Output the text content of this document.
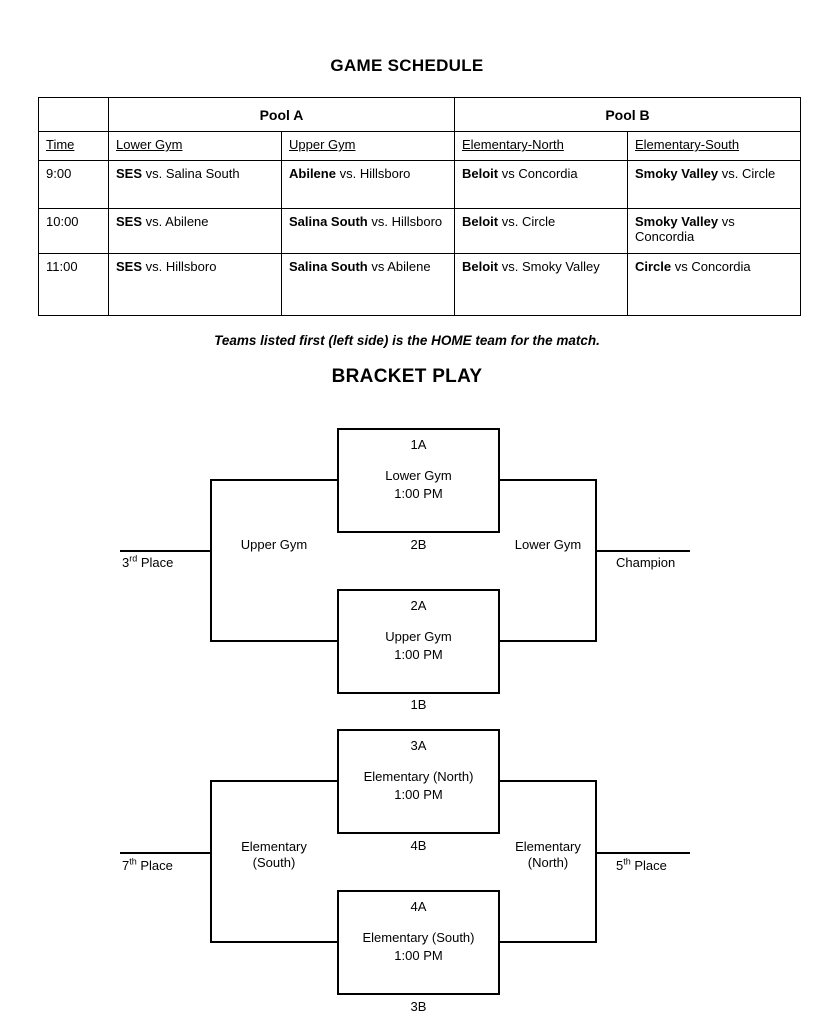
GAME SCHEDULE
	Pool A		Pool B	
Time	Lower Gym	Upper Gym	Elementary-North	Elementary-South
9:00	SES vs. Salina South	Abilene vs. Hillsboro	Beloit vs Concordia	Smoky Valley vs. Circle
10:00	SES vs. Abilene	Salina South vs. Hillsboro	Beloit vs. Circle	Smoky Valley vs Concordia
11:00	SES vs. Hillsboro	Salina South vs Abilene	Beloit vs. Smoky Valley	Circle vs Concordia
Teams listed first (left side) is the HOME team for the match.
BRACKET PLAY
1A
Lower Gym
1:00 PM
2B
2A
Upper Gym
1:00 PM
1B
Upper Gym	Lower Gym
3rd Place	Champion
3A
Elementary (North)
1:00 PM
4B
4A
Elementary (South)
1:00 PM
3B
Elementary
(South)
Elementary
(North)
7th Place	5th Place
